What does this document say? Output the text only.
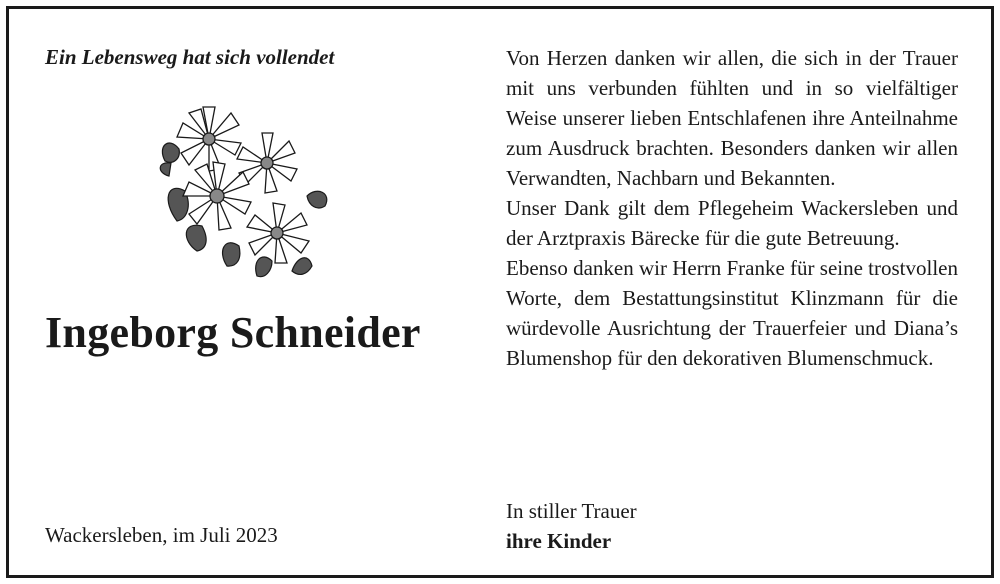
Ein Lebensweg hat sich vollendet
Ingeborg Schneider
Wackersleben, im Juli 2023

Von Herzen danken wir allen, die sich in der Trauer mit uns verbunden fühlten und in so vielfältiger Weise unserer lieben Entschlafenen ihre Anteilnahme zum Ausdruck brachten. Besonders danken wir allen Verwandten, Nachbarn und Bekannten.

Unser Dank gilt dem Pflegeheim Wackersleben und der Arztpraxis Bärecke für die gute Betreuung.

Ebenso danken wir Herrn Franke für seine trostvollen Worte, dem Bestattungsinstitut Klinzmann für die würdevolle Ausrichtung der Trauerfeier und Diana’s Blumenshop für den dekorativen Blumenschmuck.

In stiller Trauer
ihre Kinder
